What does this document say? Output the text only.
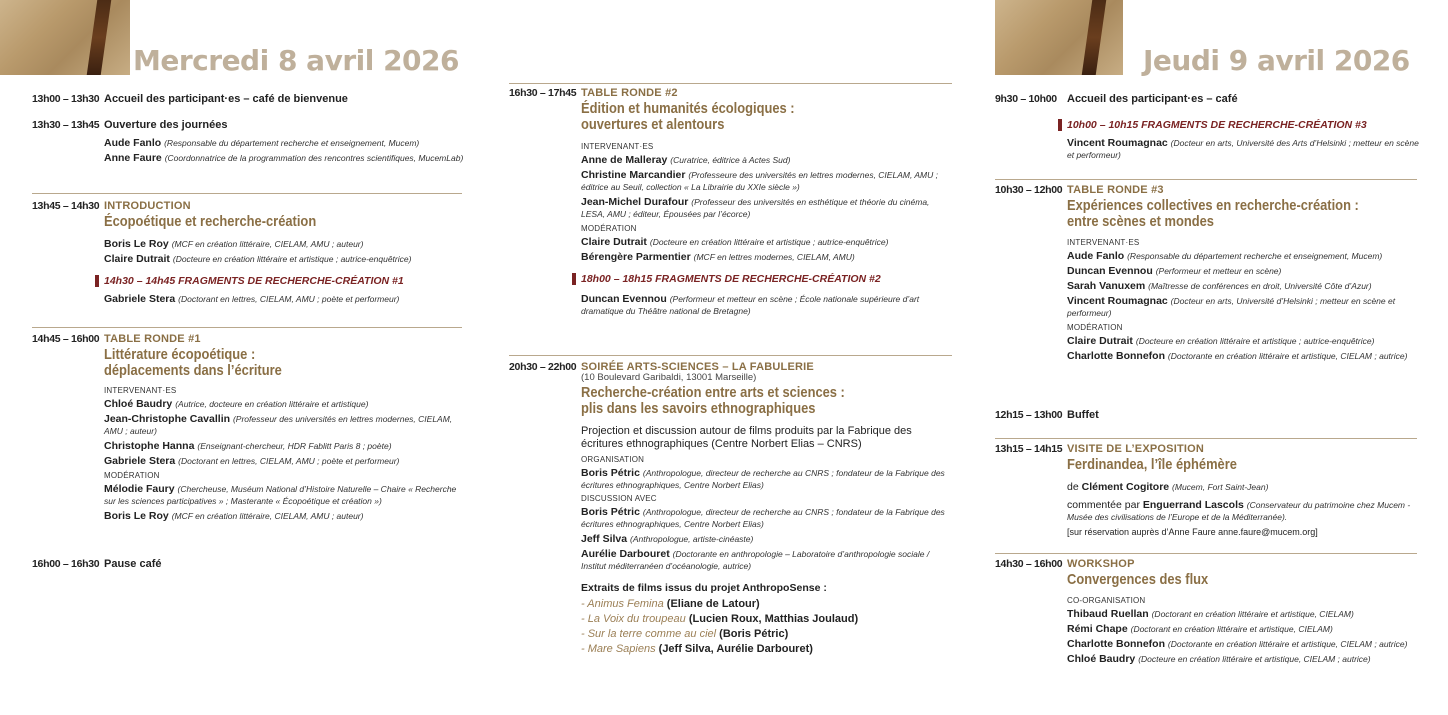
Mercredi 8 avril 2026
13h00 – 13h30 Accueil des participant·es – café de bienvenue
13h30 – 13h45 Ouverture des journées
Aude Fanlo (Responsable du département recherche et enseignement, Mucem)
Anne Faure (Coordonnatrice de la programmation des rencontres scientifiques, MucemLab)
13h45 – 14h30 INTRODUCTION
Écopoétique et recherche-création
Boris Le Roy (MCF en création littéraire, CIELAM, AMU ; auteur)
Claire Dutrait (Docteure en création littéraire et artistique ; autrice-enquêtrice)
14h30 – 14h45 FRAGMENTS DE RECHERCHE-CRÉATION #1
Gabriele Stera (Doctorant en lettres, CIELAM, AMU ; poète et performeur)
14h45 – 16h00 TABLE RONDE #1
Littérature écopoétique :
déplacements dans l’écriture
INTERVENANT·ES
Chloé Baudry (Autrice, docteure en création littéraire et artistique)
Jean-Christophe Cavallin (Professeur des universités en lettres modernes, CIELAM, AMU ; auteur)
Christophe Hanna (Enseignant-chercheur, HDR Fablitt Paris 8 ; poète)
Gabriele Stera (Doctorant en lettres, CIELAM, AMU ; poète et performeur)
MODÉRATION
Mélodie Faury (Chercheuse, Muséum National d’Histoire Naturelle – Chaire « Recherche sur les sciences participatives » ; Masterante « Écopoétique et création »)
Boris Le Roy (MCF en création littéraire, CIELAM, AMU ; auteur)
16h00 – 16h30 Pause café
16h30 – 17h45 TABLE RONDE #2
Édition et humanités écologiques :
ouvertures et alentours
INTERVENANT·ES
Anne de Malleray (Curatrice, éditrice à Actes Sud)
Christine Marcandier (Professeure des universités en lettres modernes, CIELAM, AMU ; éditrice au Seuil, collection « La Librairie du XXIe siècle »)
Jean-Michel Durafour (Professeur des universités en esthétique et théorie du cinéma, LESA, AMU ; éditeur, Épousées par l’écorce)
MODÉRATION
Claire Dutrait (Docteure en création littéraire et artistique ; autrice-enquêtrice)
Bérengère Parmentier (MCF en lettres modernes, CIELAM, AMU)
18h00 – 18h15 FRAGMENTS DE RECHERCHE-CRÉATION #2
Duncan Evennou (Performeur et metteur en scène ; École nationale supérieure d’art dramatique du Théâtre national de Bretagne)
20h30 – 22h00 SOIRÉE ARTS-SCIENCES – LA FABULERIE
(10 Boulevard Garibaldi, 13001 Marseille)
Recherche-création entre arts et sciences :
plis dans les savoirs ethnographiques
Projection et discussion autour de films produits par la Fabrique des écritures ethnographiques (Centre Norbert Elias – CNRS)
ORGANISATION
Boris Pétric (Anthropologue, directeur de recherche au CNRS ; fondateur de la Fabrique des écritures ethnographiques, Centre Norbert Elias)
DISCUSSION AVEC
Boris Pétric (Anthropologue, directeur de recherche au CNRS ; fondateur de la Fabrique des écritures ethnographiques, Centre Norbert Elias)
Jeff Silva (Anthropologue, artiste-cinéaste)
Aurélie Darbouret (Doctorante en anthropologie – Laboratoire d’anthropologie sociale / Institut méditerranéen d’océanologie, autrice)
Extraits de films issus du projet AnthropoSense :
- Animus Femina (Eliane de Latour)
- La Voix du troupeau (Lucien Roux, Matthias Joulaud)
- Sur la terre comme au ciel (Boris Pétric)
- Mare Sapiens (Jeff Silva, Aurélie Darbouret)
Jeudi 9 avril 2026
9h30 – 10h00 Accueil des participant·es – café
10h00 – 10h15 FRAGMENTS DE RECHERCHE-CRÉATION #3
Vincent Roumagnac (Docteur en arts, Université des Arts d’Helsinki ; metteur en scène et performeur)
10h30 – 12h00 TABLE RONDE #3
Expériences collectives en recherche-création :
entre scènes et mondes
INTERVENANT·ES
Aude Fanlo (Responsable du département recherche et enseignement, Mucem)
Duncan Evennou (Performeur et metteur en scène)
Sarah Vanuxem (Maîtresse de conférences en droit, Université Côte d’Azur)
Vincent Roumagnac (Docteur en arts, Université d’Helsinki ; metteur en scène et performeur)
MODÉRATION
Claire Dutrait (Docteure en création littéraire et artistique ; autrice-enquêtrice)
Charlotte Bonnefon (Doctorante en création littéraire et artistique, CIELAM ; autrice)
12h15 – 13h00 Buffet
13h15 – 14h15 VISITE DE L’EXPOSITION
Ferdinandea, l’île éphémère
de Clément Cogitore (Mucem, Fort Saint-Jean)
commentée par Enguerrand Lascols (Conservateur du patrimoine chez Mucem - Musée des civilisations de l’Europe et de la Méditerranée).
[sur réservation auprès d’Anne Faure anne.faure@mucem.org]
14h30 – 16h00 WORKSHOP
Convergences des flux
CO-ORGANISATION
Thibaud Ruellan (Doctorant en création littéraire et artistique, CIELAM)
Rémi Chape (Doctorant en création littéraire et artistique, CIELAM)
Charlotte Bonnefon (Doctorante en création littéraire et artistique, CIELAM ; autrice)
Chloé Baudry (Docteure en création littéraire et artistique, CIELAM ; autrice)
